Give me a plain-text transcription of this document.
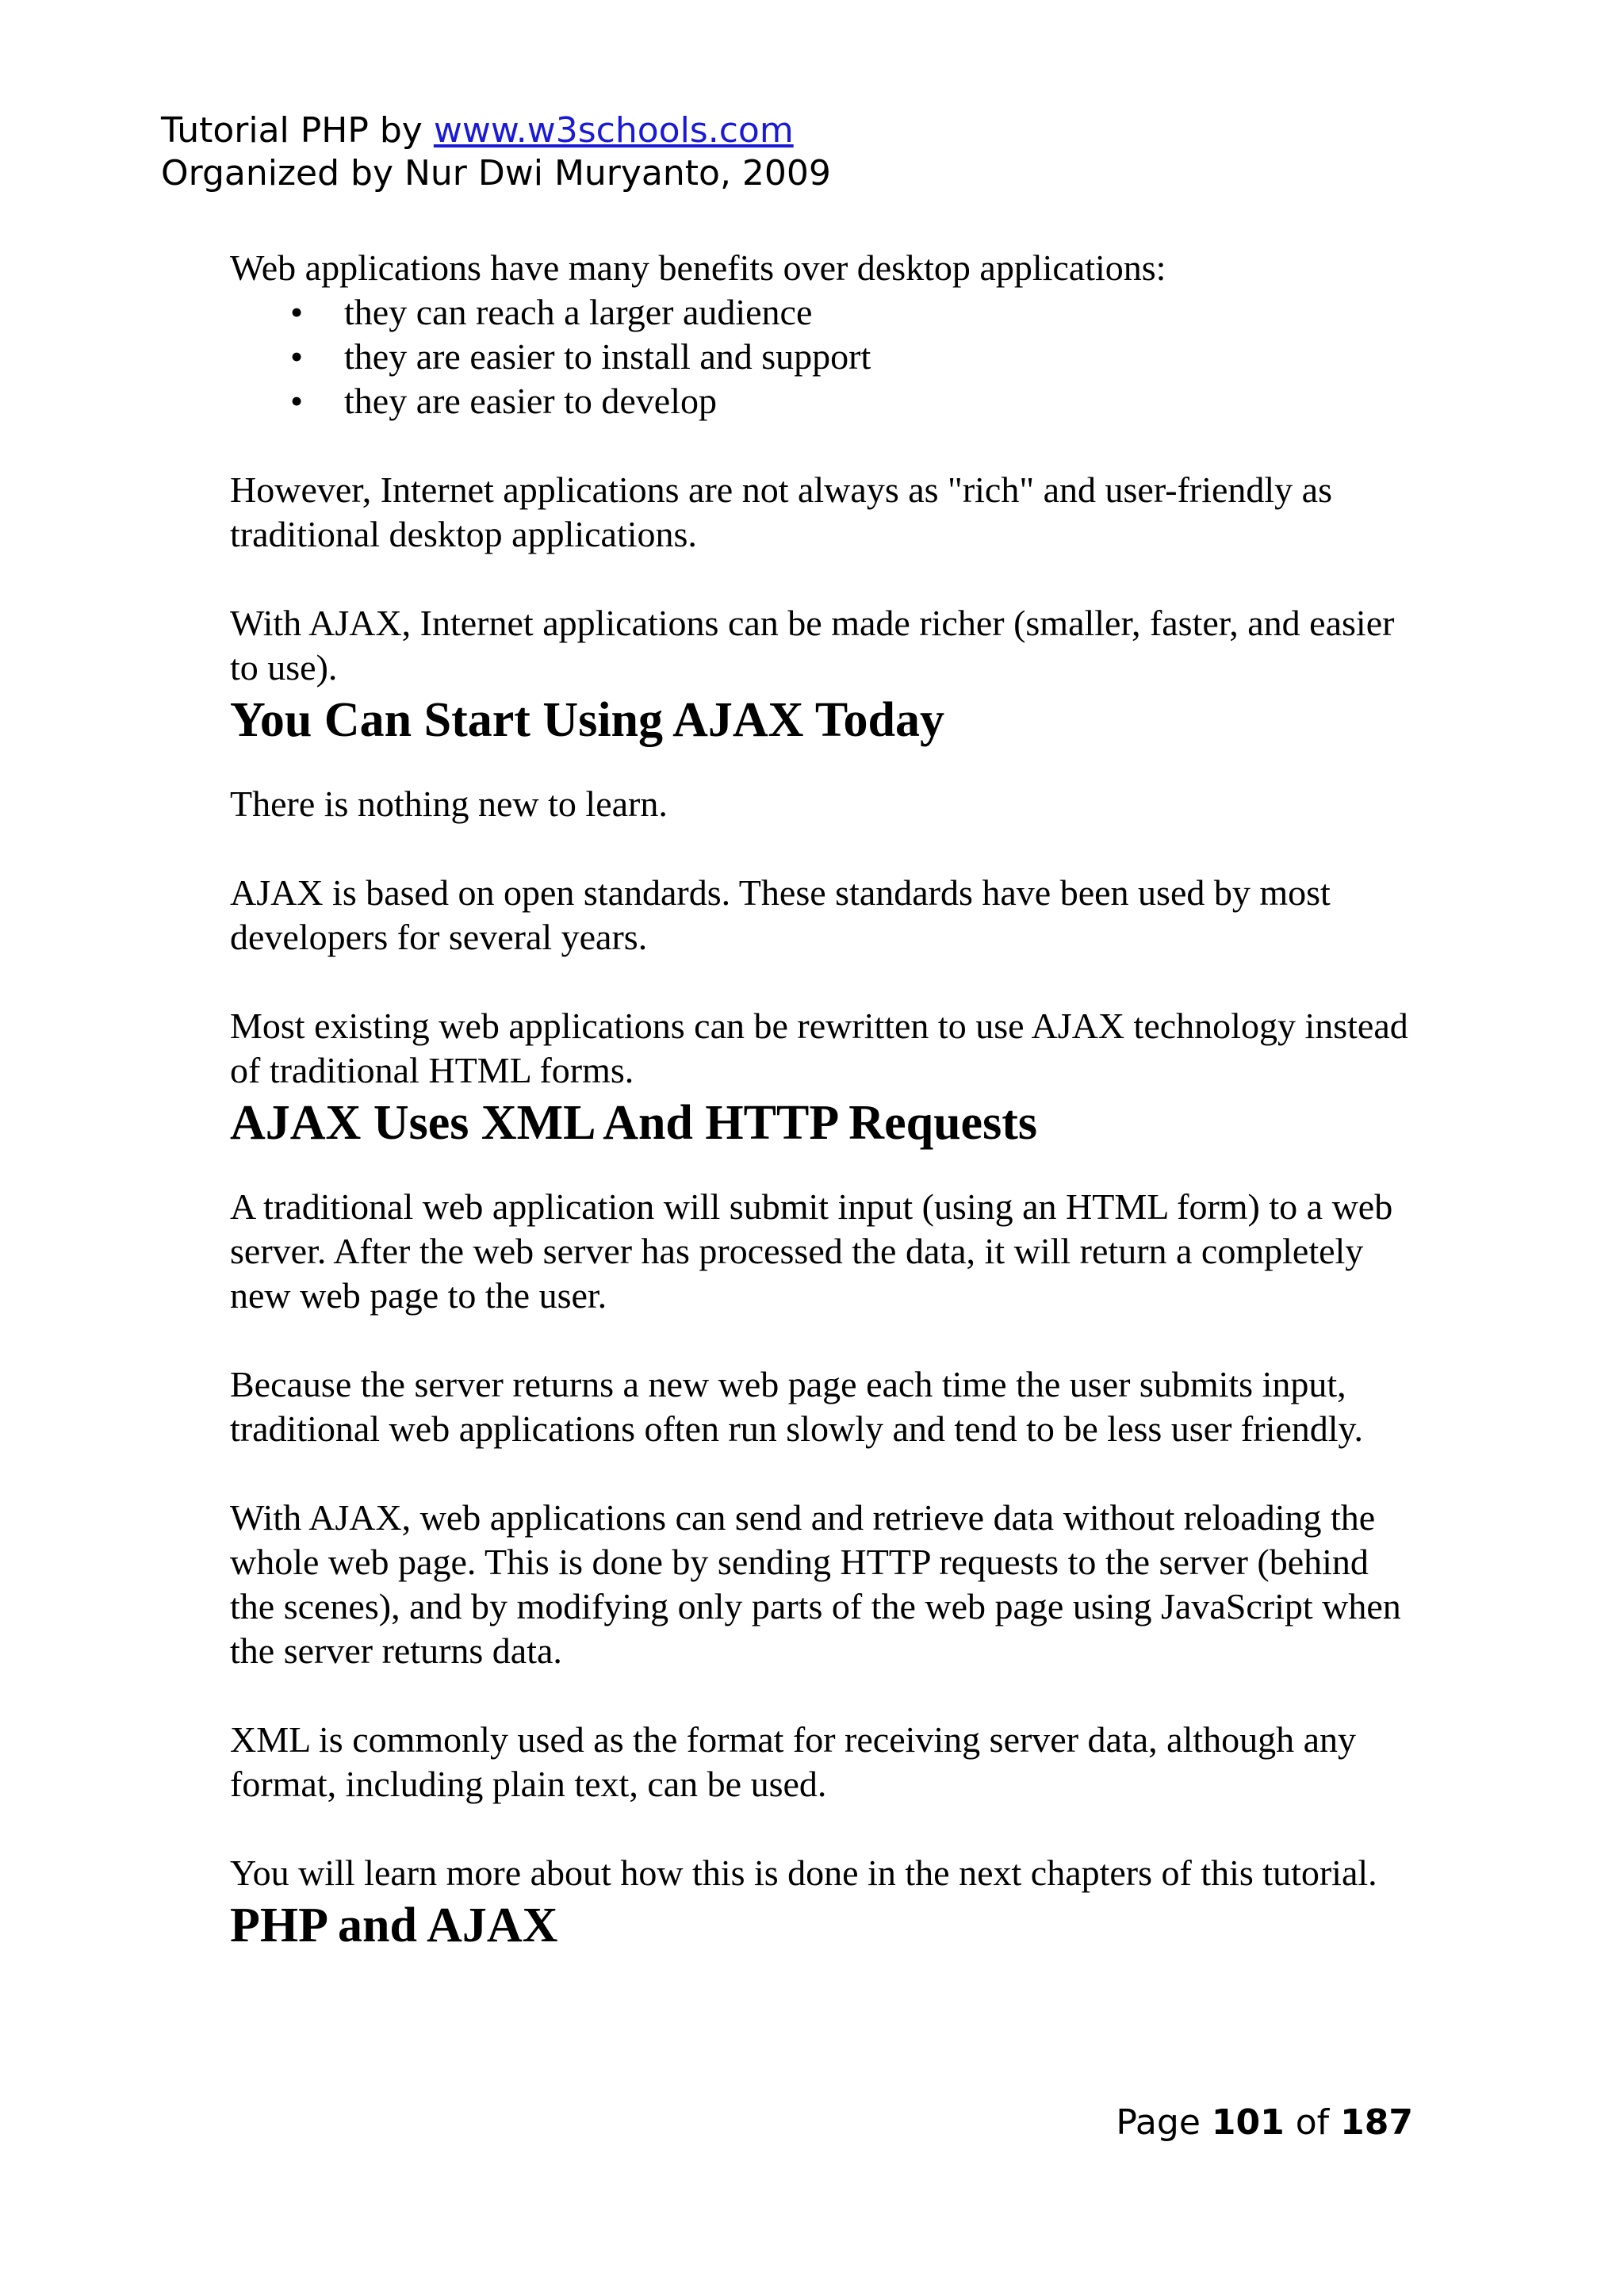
Tutorial PHP by www.w3schools.com
Organized by Nur Dwi Muryanto, 2009

Web applications have many benefits over desktop applications:

• they can reach a larger audience
• they are easier to install and support
• they are easier to develop

However, Internet applications are not always as "rich" and user-friendly as traditional desktop applications.

With AJAX, Internet applications can be made richer (smaller, faster, and easier to use).

You Can Start Using AJAX Today

There is nothing new to learn.

AJAX is based on open standards. These standards have been used by most developers for several years.

Most existing web applications can be rewritten to use AJAX technology instead of traditional HTML forms.

AJAX Uses XML And HTTP Requests

A traditional web application will submit input (using an HTML form) to a web server. After the web server has processed the data, it will return a completely new web page to the user.

Because the server returns a new web page each time the user submits input, traditional web applications often run slowly and tend to be less user friendly.

With AJAX, web applications can send and retrieve data without reloading the whole web page. This is done by sending HTTP requests to the server (behind the scenes), and by modifying only parts of the web page using JavaScript when the server returns data.

XML is commonly used as the format for receiving server data, although any format, including plain text, can be used.

You will learn more about how this is done in the next chapters of this tutorial.

PHP and AJAX
Page 101 of 187
